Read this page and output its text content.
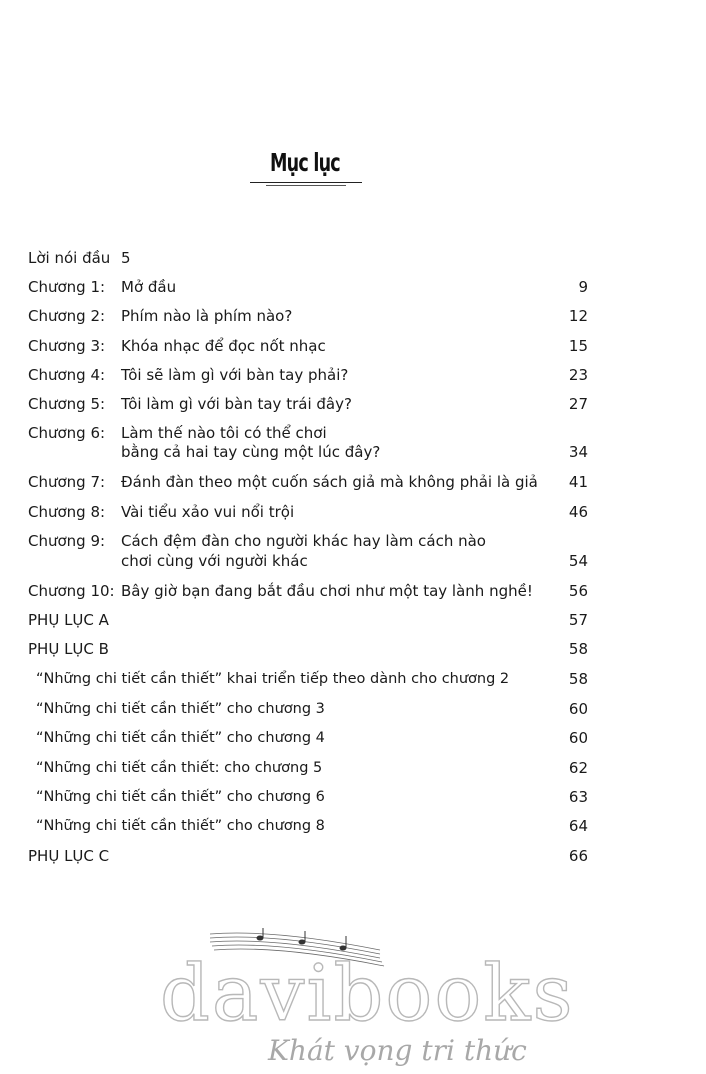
Mục lục
Lời nói đầu 5
Chương 1: Mở đầu	9
Chương 2: Phím nào là phím nào?	12
Chương 3: Khóa nhạc để đọc nốt nhạc	15
Chương 4: Tôi sẽ làm gì với bàn tay phải?	23
Chương 5: Tôi làm gì với bàn tay trái đây?	27
Chương 6: Làm thế nào tôi có thể chơi
bằng cả hai tay cùng một lúc đây?	34
Chương 7: Đánh đàn theo một cuốn sách giả mà không phải là giả 41
Chương 8: Vài tiểu xảo vui nổi trội	46
Chương 9: Cách đệm đàn cho người khác hay làm cách nào
chơi cùng với người khác	54
Chương 10: Bây giờ bạn đang bắt đầu chơi như một tay lành nghề! 56
PHỤ LỤC A	57
PHỤ LỤC B	58
“Những chi tiết cần thiết” khai triển tiếp theo dành cho chương 2	58
“Những chi tiết cần thiết” cho chương 3	60
“Những chi tiết cần thiết” cho chương 4	60
“Những chi tiết cần thiết: cho chương 5	62
“Những chi tiết cần thiết” cho chương 6	63
“Những chi tiết cần thiết” cho chương 8	64
PHỤ LỤC C	66
davibooks
Khát vọng tri thức
